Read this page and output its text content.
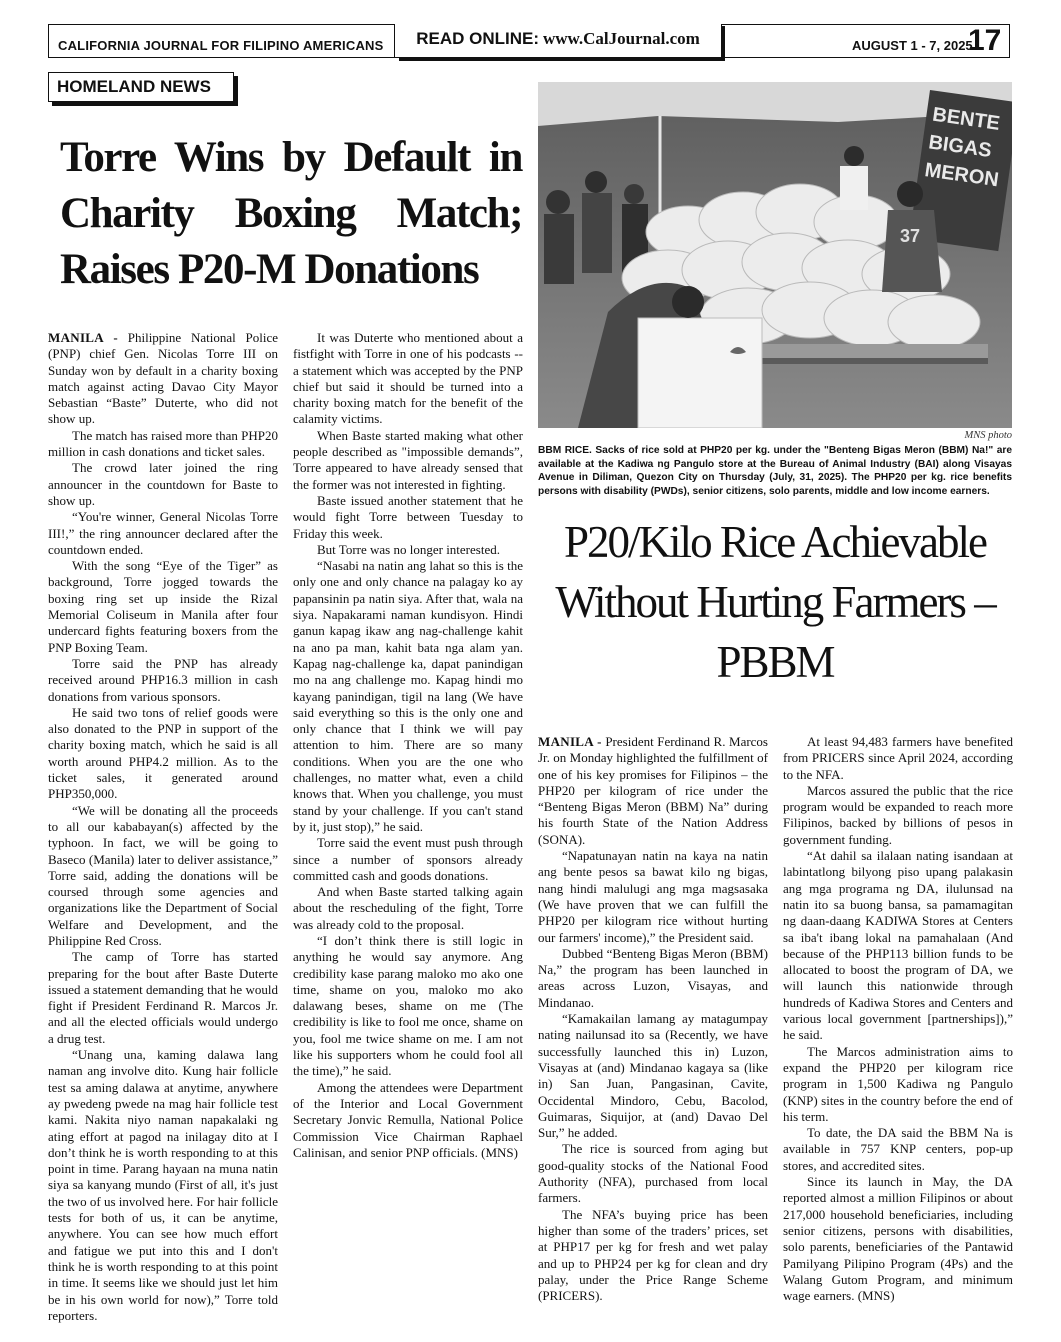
CALIFORNIA JOURNAL FOR FILIPINO AMERICANS	READ ONLINE: www.CalJournal.com	AUGUST 1 - 7, 2025
17
HOMELAND NEWS
Torre Wins by Default in Charity Boxing Match; Raises P20-M Donations

MANILA - Philippine National Police (PNP) chief Gen. Nicolas Torre III on Sunday won by default in a charity boxing match against acting Davao City Mayor Sebastian “Baste” Duterte, who did not show up.

The match has raised more than PHP20 million in cash donations and ticket sales.

The crowd later joined the ring announcer in the countdown for Baste to show up.

“You're winner, General Nicolas Torre III!,” the ring announcer declared after the countdown ended.

With the song “Eye of the Tiger” as background, Torre jogged towards the boxing ring set up inside the Rizal Memorial Coliseum in Manila after four undercard fights featuring boxers from the PNP Boxing Team.

Torre said the PNP has already received around PHP16.3 million in cash donations from various sponsors.

He said two tons of relief goods were also donated to the PNP in support of the charity boxing match, which he said is all worth around PHP4.2 million. As to the ticket sales, it generated around PHP350,000.

“We will be donating all the proceeds to all our kababayan(s) affected by the typhoon. In fact, we will be going to Baseco (Manila) later to deliver assistance,” Torre said, adding the donations will be coursed through some agencies and organizations like the Department of Social Welfare and Development, and the Philippine Red Cross.

The camp of Torre has started preparing for the bout after Baste Duterte issued a statement demanding that he would fight if President Ferdinand R. Marcos Jr. and all the elected officials would undergo a drug test.

“Unang una, kaming dalawa lang naman ang involve dito. Kung hair follicle test sa aming dalawa at anytime, anywhere ay pwedeng pwede na mag hair follicle test kami. Nakita niyo naman napakalaki ng ating effort at pagod na inilagay dito at I don’t think he is worth responding to at this point in time. Parang hayaan na muna natin siya sa kanyang mundo (First of all, it's just the two of us involved here. For hair follicle tests for both of us, it can be anytime, anywhere. You can see how much effort and fatigue we put into this and I don't think he is worth responding to at this point in time. It seems like we should just let him be in his own world for now),” Torre told reporters.

It was Duterte who mentioned about a fistfight with Torre in one of his podcasts -- a statement which was accepted by the PNP chief but said it should be turned into a charity boxing match for the benefit of the calamity victims.

When Baste started making what other people described as "impossible demands”, Torre appeared to have already sensed that the former was not interested in fighting.

Baste issued another statement that he would fight Torre between Tuesday to Friday this week.

But Torre was no longer interested.

“Nasabi na natin ang lahat so this is the only one and only chance na palagay ko ay papansinin pa natin siya. After that, wala na siya. Napakarami naman kundisyon. Hindi ganun kapag ikaw ang nag-challenge kahit na ano pa man, kahit bata nga alam yan. Kapag nag-challenge ka, dapat panindigan mo na ang challenge mo. Kapag hindi mo kayang panindigan, tigil na lang (We have said everything so this is the only one and only chance that I think we will pay attention to him. There are so many conditions. When you are the one who challenges, no matter what, even a child knows that. When you challenge, you must stand by your challenge. If you can't stand by it, just stop),” he said.

Torre said the event must push through since a number of sponsors already committed cash and goods donations.

And when Baste started talking again about the rescheduling of the fight, Torre was already cold to the proposal.

“I don’t think there is still logic in anything he would say anymore. Ang credibility kase parang maloko mo ako one time, shame on you, maloko mo ako dalawang beses, shame on me (The credibility is like to fool me once, shame on you, fool me twice shame on me. I am not like his supporters whom he could fool all the time),” he said.

Among the attendees were Department of the Interior and Local Government Secretary Jonvic Remulla, National Police Commission Vice Chairman Raphael Calinisan, and senior PNP officials. (MNS)

BENTE
BIGAS
MERON
37
MNS photo
BBM RICE. Sacks of rice sold at PHP20 per kg. under the "Benteng Bigas Meron (BBM) Na!" are available at the Kadiwa ng Pangulo store at the Bureau of Animal Industry (BAI) along Visayas Avenue in Diliman, Quezon City on Thursday (July, 31, 2025). The PHP20 per kg. rice benefits persons with disability (PWDs), senior citizens, solo parents, middle and low income earners.
P20/Kilo Rice Achievable Without Hurting Farmers – PBBM

MANILA - President Ferdinand R. Marcos Jr. on Monday highlighted the fulfillment of one of his key promises for Filipinos – the PHP20 per kilogram of rice under the “Benteng Bigas Meron (BBM) Na” during his fourth State of the Nation Address (SONA).

“Napatunayan natin na kaya na natin ang bente pesos sa bawat kilo ng bigas, nang hindi malulugi ang mga magsasaka (We have proven that we can fulfill the PHP20 per kilogram rice without hurting our farmers' income),” the President said.

Dubbed “Benteng Bigas Meron (BBM) Na,” the program has been launched in areas across Luzon, Visayas, and Mindanao.

“Kamakailan lamang ay matagumpay nating nailunsad ito sa (Recently, we have successfully launched this in) Luzon, Visayas at (and) Mindanao kagaya sa (like in) San Juan, Pangasinan, Cavite, Occidental Mindoro, Cebu, Bacolod, Guimaras, Siquijor, at (and) Davao Del Sur,” he added.

The rice is sourced from aging but good-quality stocks of the National Food Authority (NFA), purchased from local farmers.

The NFA’s buying price has been higher than some of the traders’ prices, set at PHP17 per kg for fresh and wet palay and up to PHP24 per kg for clean and dry palay, under the Price Range Scheme (PRICERS).

At least 94,483 farmers have benefited from PRICERS since April 2024, according to the NFA.

Marcos assured the public that the rice program would be expanded to reach more Filipinos, backed by billions of pesos in government funding.

“At dahil sa ilalaan nating isandaan at labintatlong bilyong piso upang palakasin ang mga programa ng DA, ilulunsad na natin ito sa buong bansa, sa pamamagitan ng daan-daang KADIWA Stores at Centers sa iba't ibang lokal na pamahalaan (And because of the PHP113 billion funds to be allocated to boost the program of DA, we will launch this nationwide through hundreds of Kadiwa Stores and Centers and various local government [partnerships]),” he said.

The Marcos administration aims to expand the PHP20 per kilogram rice program in 1,500 Kadiwa ng Pangulo (KNP) sites in the country before the end of his term.

To date, the DA said the BBM Na is available in 757 KNP centers, pop-up stores, and accredited sites.

Since its launch in May, the DA reported almost a million Filipinos or about 217,000 household beneficiaries, including senior citizens, persons with disabilities, solo parents, beneficiaries of the Pantawid Pamilyang Pilipino Program (4Ps) and the Walang Gutom Program, and minimum wage earners. (MNS)
